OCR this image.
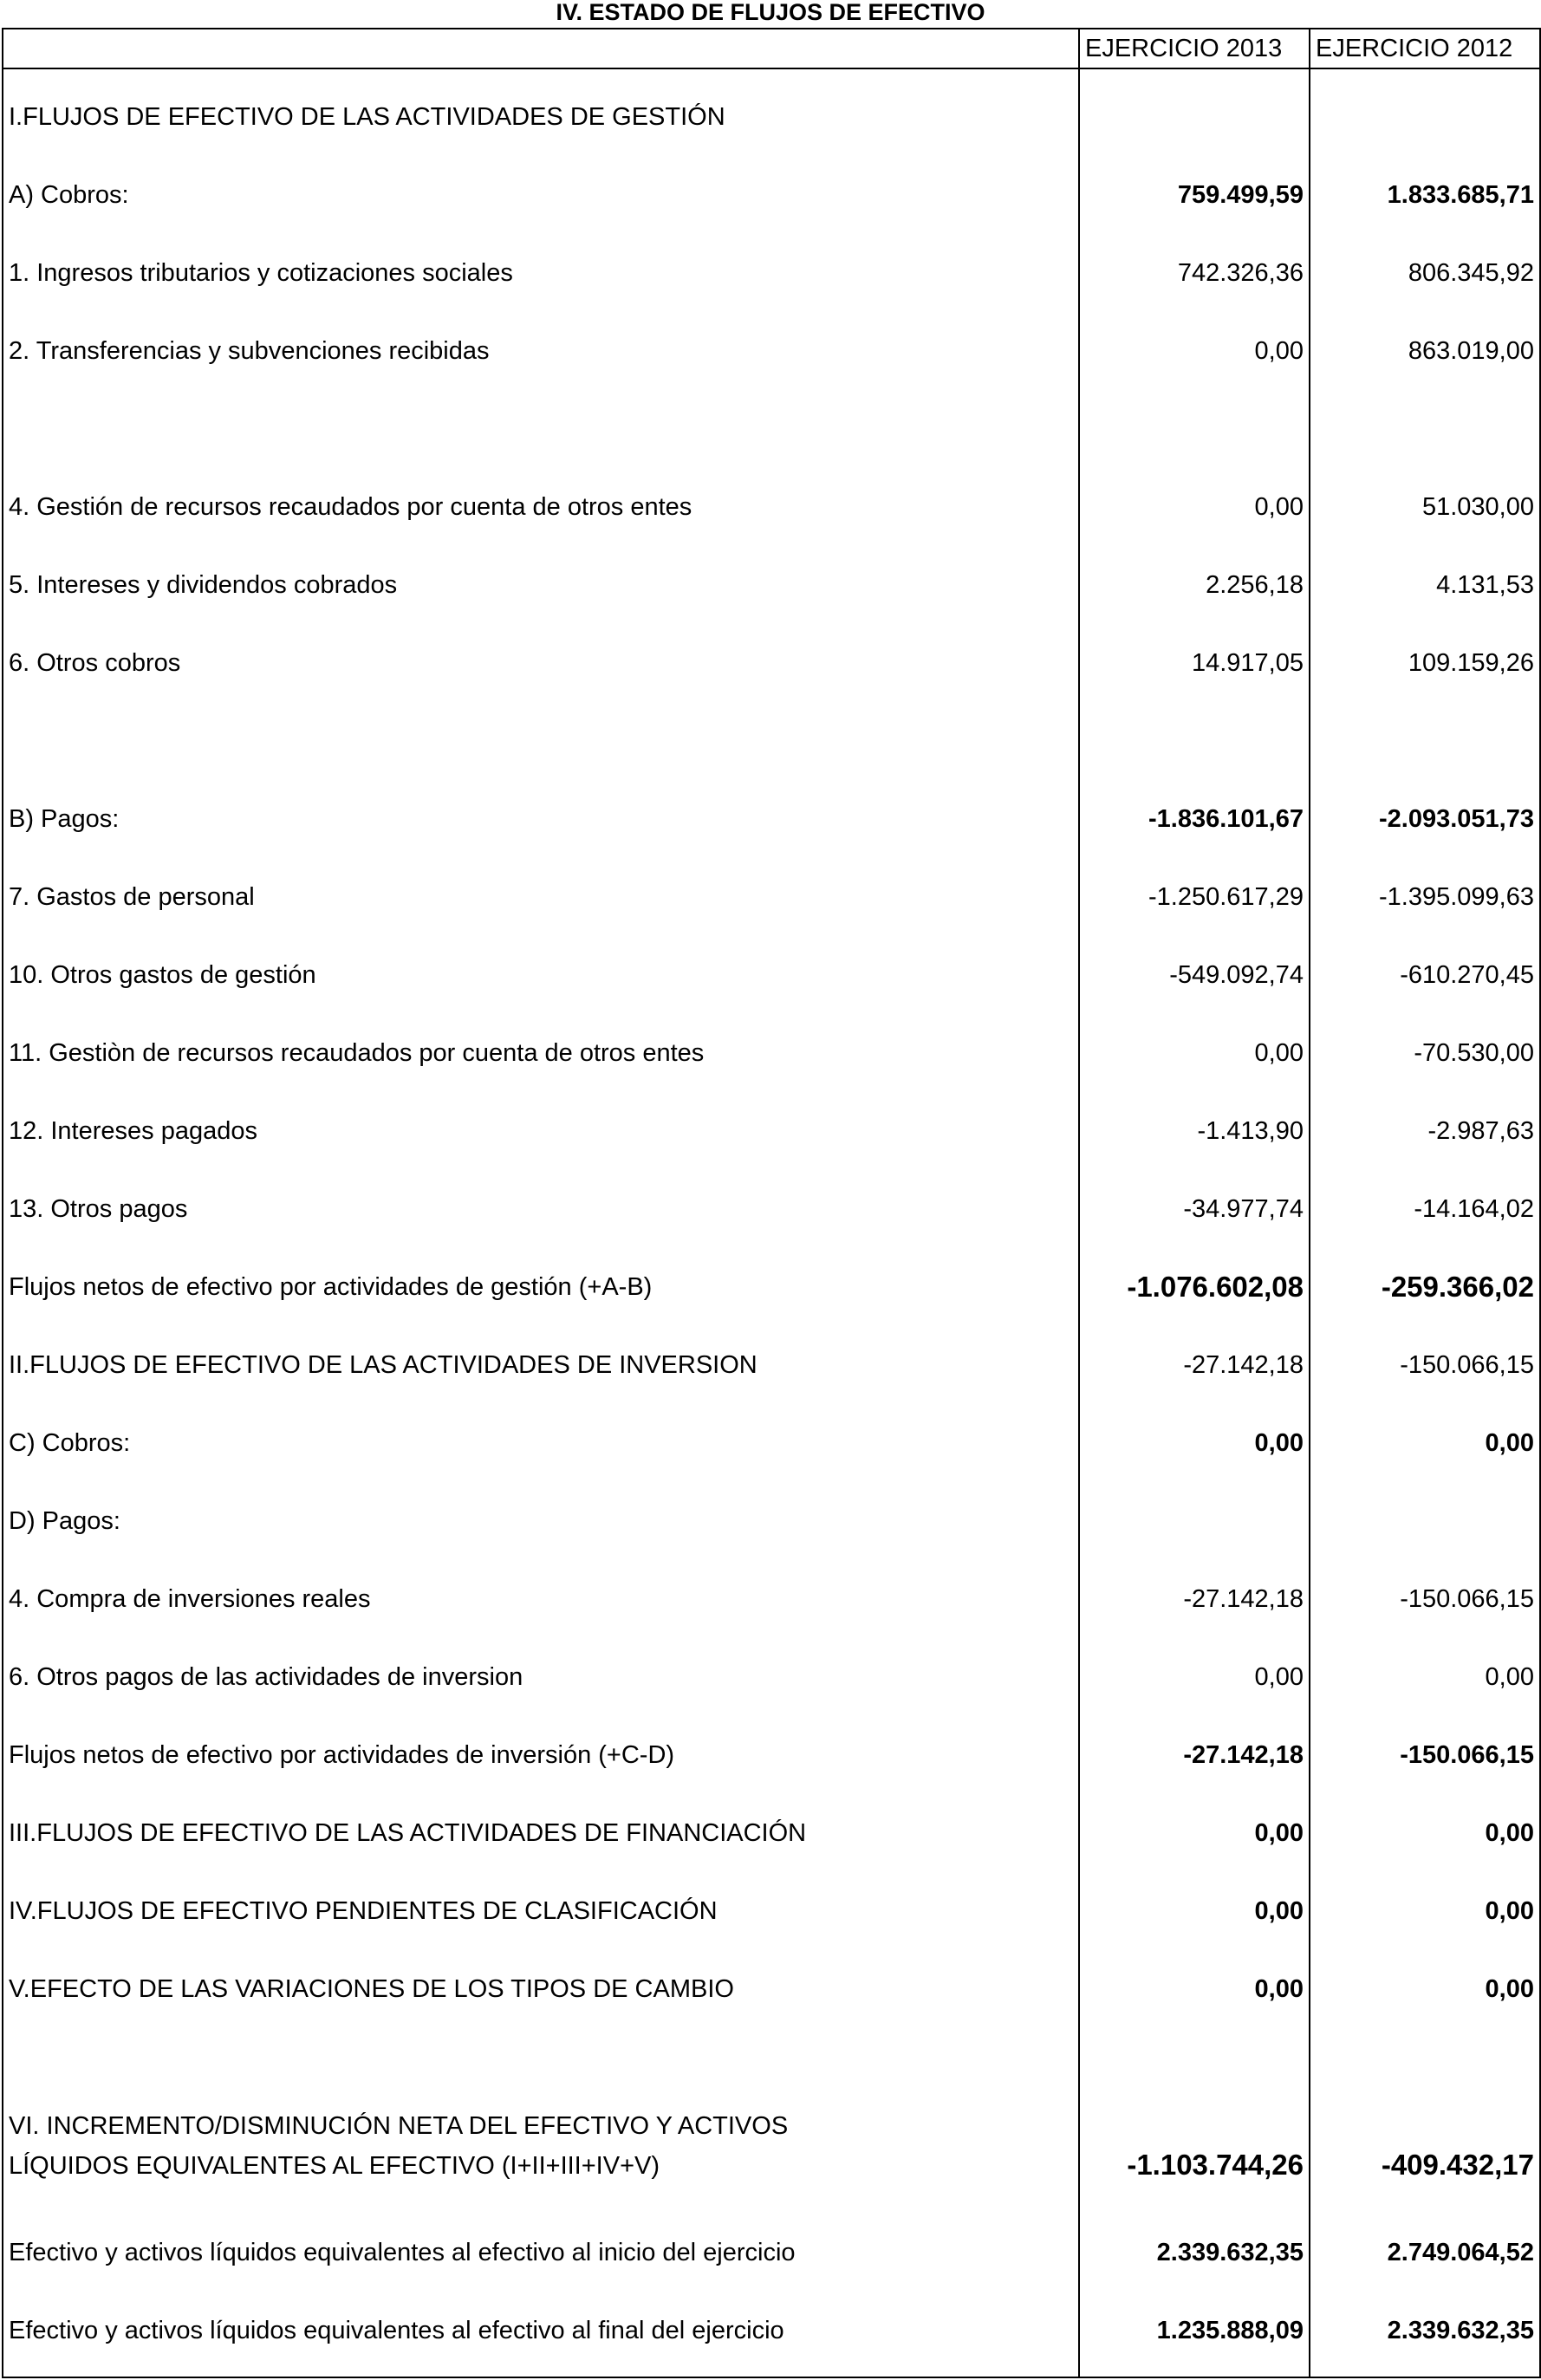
IV. ESTADO DE FLUJOS DE EFECTIVO
EJERCICIO 2013	EJERCICIO 2012
I.FLUJOS DE EFECTIVO DE LAS ACTIVIDADES DE GESTIÓN
A) Cobros:	759.499,59	1.833.685,71
1. Ingresos tributarios y cotizaciones sociales	742.326,36	806.345,92
2. Transferencias y subvenciones recibidas	0,00	863.019,00
4. Gestión de recursos recaudados por cuenta de otros entes	0,00	51.030,00
5. Intereses y dividendos cobrados	2.256,18	4.131,53
6. Otros cobros	14.917,05	109.159,26
B) Pagos:	-1.836.101,67	-2.093.051,73
7. Gastos de personal	-1.250.617,29	-1.395.099,63
10. Otros gastos de gestión	-549.092,74	-610.270,45
11. Gestiòn de recursos recaudados por cuenta de otros entes	0,00	-70.530,00
12. Intereses pagados	-1.413,90	-2.987,63
13. Otros pagos	-34.977,74	-14.164,02
Flujos netos de efectivo por actividades de gestión (+A-B)	-1.076.602,08	-259.366,02
II.FLUJOS DE EFECTIVO DE LAS ACTIVIDADES DE INVERSION	-27.142,18	-150.066,15
C) Cobros:	0,00	0,00
D) Pagos:
4. Compra de inversiones reales	-27.142,18	-150.066,15
6. Otros pagos de las actividades de inversion	0,00	0,00
Flujos netos de efectivo por actividades de inversión (+C-D)	-27.142,18	-150.066,15
III.FLUJOS DE EFECTIVO DE LAS ACTIVIDADES DE FINANCIACIÓN	0,00	0,00
IV.FLUJOS DE EFECTIVO PENDIENTES DE CLASIFICACIÓN	0,00	0,00
V.EFECTO DE LAS VARIACIONES DE LOS TIPOS DE CAMBIO	0,00	0,00
VI. INCREMENTO/DISMINUCIÓN NETA DEL EFECTIVO Y ACTIVOS
LÍQUIDOS EQUIVALENTES AL EFECTIVO (I+II+III+IV+V)	-1.103.744,26	-409.432,17
Efectivo y activos líquidos equivalentes al efectivo al inicio del ejercicio	2.339.632,35	2.749.064,52
Efectivo y activos líquidos equivalentes al efectivo al final del ejercicio	1.235.888,09	2.339.632,35
